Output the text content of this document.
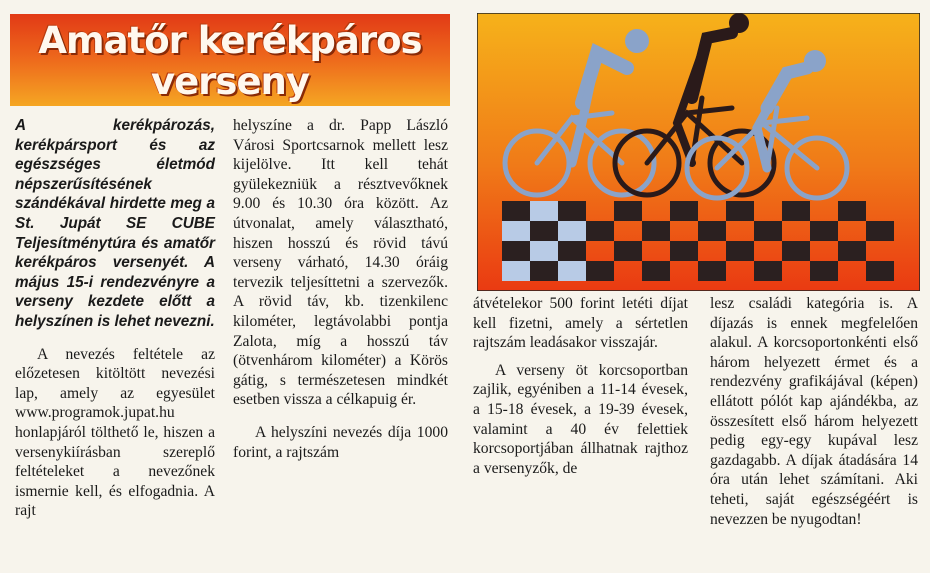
Amatőr kerékpáros verseny

A kerékpározás, kerékpársport és az egészséges életmód népszerűsítésének szándékával hirdette meg a St. Jupát SE CUBE Teljesítménytúra és amatőr kerékpáros versenyét. A május 15-i rendezvényre a verseny kezdete előtt a helyszínen is lehet nevezni.

A nevezés feltétele az előzetesen kitöltött nevezési lap, amely az egyesület www.programok.jupat.hu honlapjáról tölthető le, hiszen a versenykiírásban szereplő feltételeket a nevezőnek ismernie kell, és elfogadnia. A rajt

helyszíne a dr. Papp László Városi Sportcsarnok mellett lesz kijelölve. Itt kell tehát gyülekezniük a résztvevőknek 9.00 és 10.30 óra között. Az útvonalat, amely választható, hiszen hosszú és rövid távú verseny várható, 14.30 óráig tervezik teljesíttetni a szervezők. A rövid táv, kb. tizenkilenc kilométer, legtávolabbi pontja Zalota, míg a hosszú táv (ötvenhárom kilométer) a Körös gátig, s természetesen mindkét esetben vissza a célkapuig ér.

A helyszíni nevezés díja 1000 forint, a rajtszám

átvételekor 500 forint letéti díjat kell fizetni, amely a sértetlen rajtszám leadásakor visszajár.

A verseny öt korcsoportban zajlik, egyéniben a 11-14 évesek, a 15-18 évesek, a 19-39 évesek, valamint a 40 év felettiek korcsoportjában állhatnak rajthoz a versenyzők, de

lesz családi kategória is. A díjazás is ennek megfelelően alakul. A korcsoportonkénti első három helyezett érmet és a rendezvény grafikájával (képen) ellátott pólót kap ajándékba, az összesített első három helyezett pedig egy-egy kupával lesz gazdagabb. A díjak átadására 14 óra után lehet számítani. Aki teheti, saját egészségéért is nevezzen be nyugodtan!
